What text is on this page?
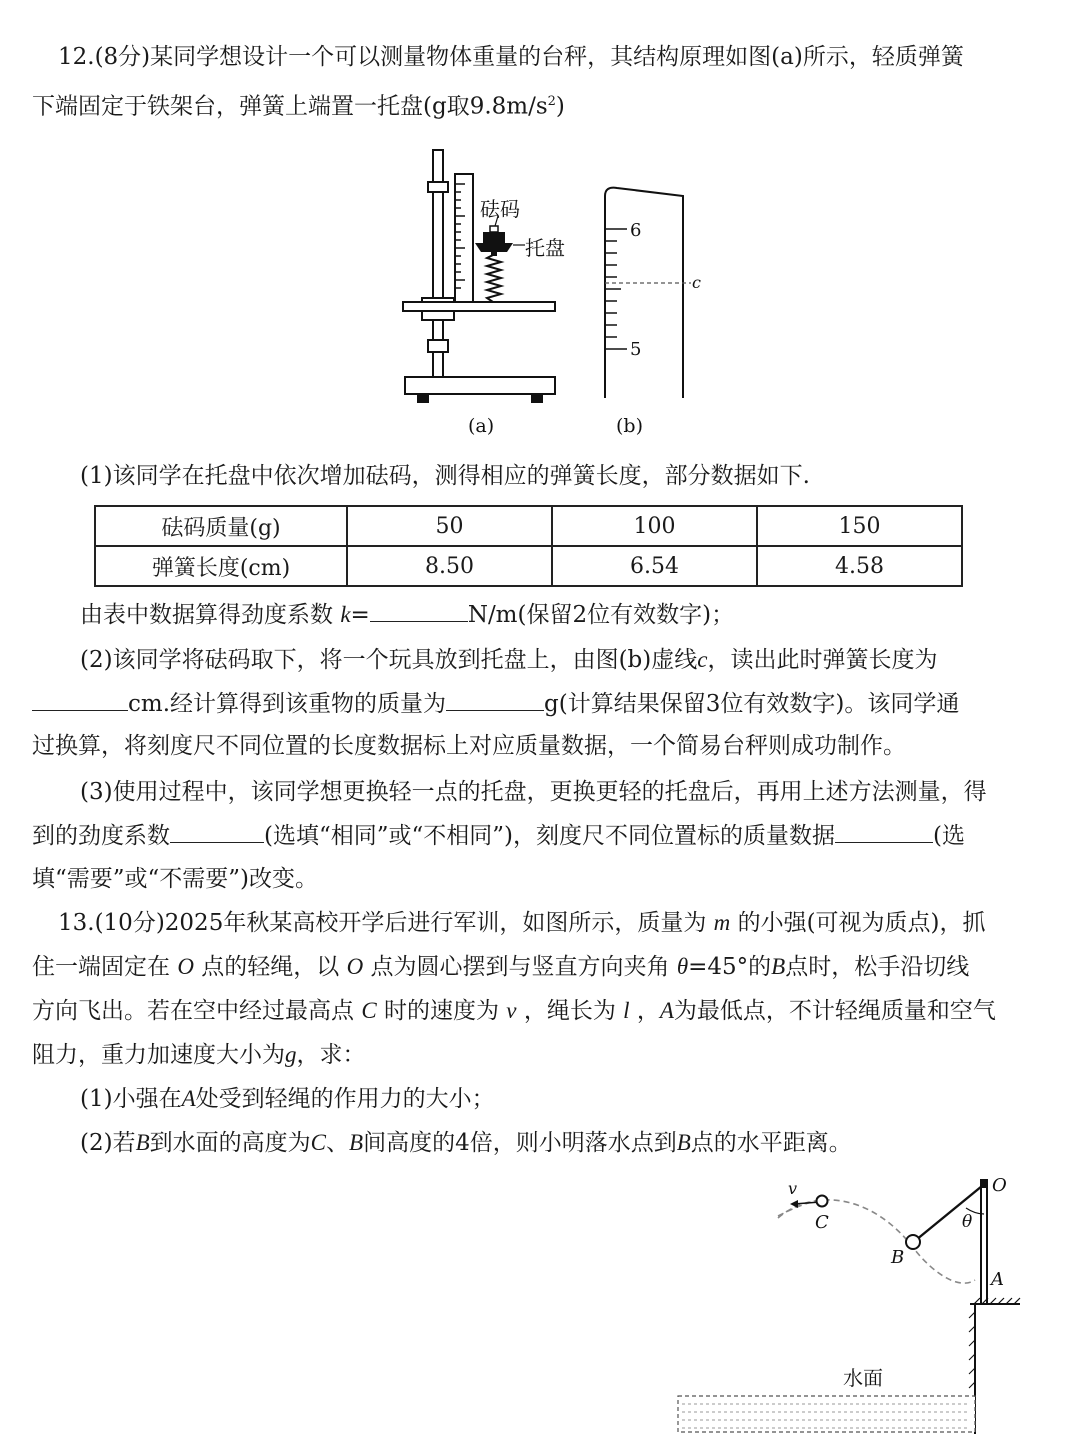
12.(8分)某同学想设计一个可以测量物体重量的台秤，其结构原理如图(a)所示，轻质弹簧
下端固定于铁架台，弹簧上端置一托盘(g取$9.8m/s^2$)
砝码
托盘
6
5
c
(a)	(b)
(1)该同学在托盘中依次增加砝码，测得相应的弹簧长度，部分数据如下.
砝码质量(g)	50	100	150
弹簧长度(cm)	8.50	6.54	4.58
由表中数据算得劲度系数 k=	N/m(保留2位有效数字)；
(2)该同学将砝码取下，将一个玩具放到托盘上，由图(b)虚线c，读出此时弹簧长度为
cm.经计算得到该重物的质量为	g(计算结果保留3位有效数字)。该同学通
过换算，将刻度尺不同位置的长度数据标上对应质量数据，一个简易台秤则成功制作。
(3)使用过程中，该同学想更换轻一点的托盘，更换更轻的托盘后，再用上述方法测量，得
到的劲度系数	(选填“相同”或“不相同”)，刻度尺不同位置标的质量数据	(选
填“需要”或“不需要”)改变。
13.(10分)2025年秋某高校开学后进行军训，如图所示，质量为 m 的小强(可视为质点)，抓
住一端固定在 O 点的轻绳，以 O 点为圆心摆到与竖直方向夹角 θ=45°的B点时，松手沿切线
方向飞出。若在空中经过最高点 C 时的速度为 v ，绳长为 l ，A为最低点，不计轻绳质量和空气
阻力，重力加速度大小为g，求：
(1)小强在A处受到轻绳的作用力的大小；
(2)若B到水面的高度为C、B间高度的4倍，则小明落水点到B点的水平距离。
v
C
O
θ
B
A
水面
